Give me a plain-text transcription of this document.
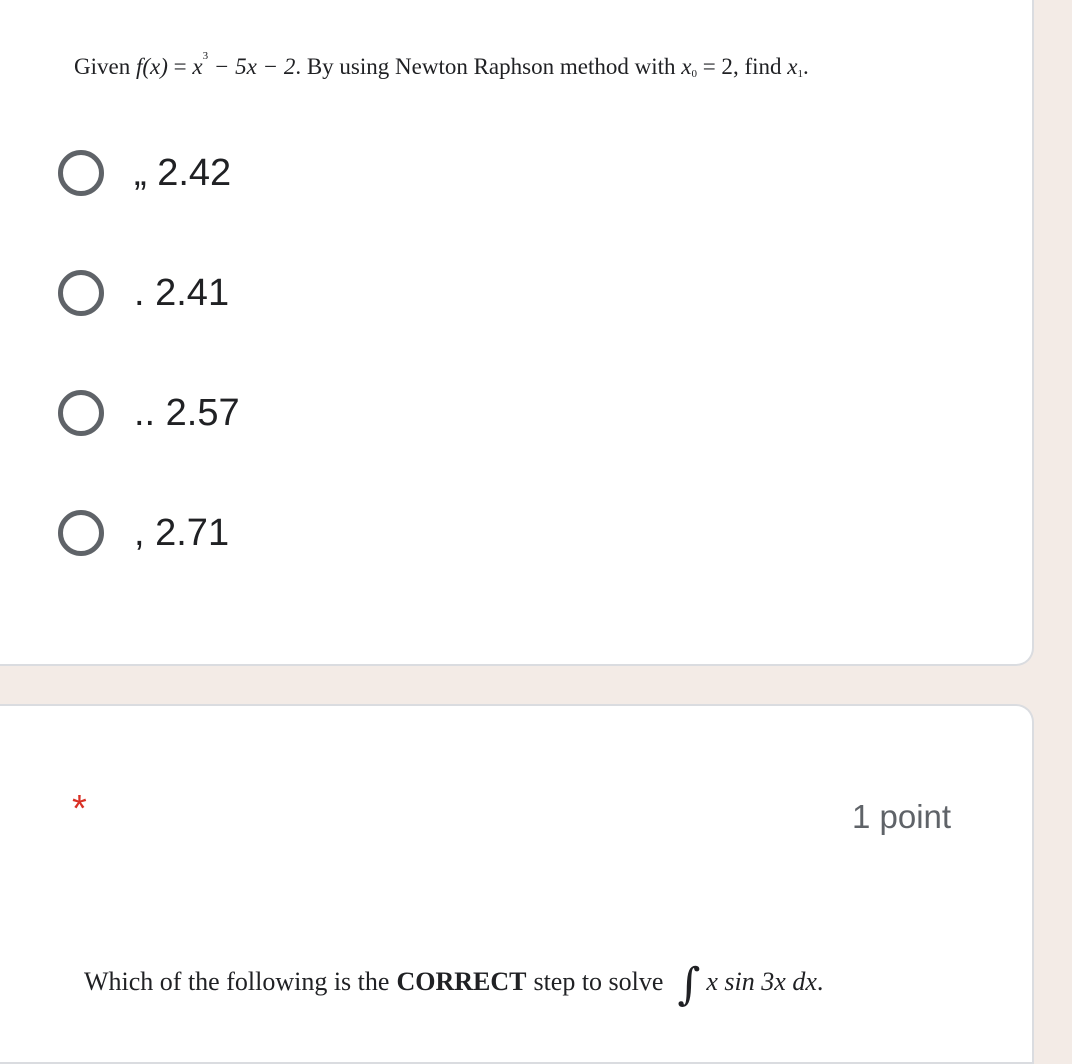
Given $f(x) = x^3 - 5x - 2$. By using Newton Raphson method with $x_0 = 2$, find $x_1$.
„ 2.42
. 2.41
.. 2.57
, 2.71
*	1 point
Which of the following is the CORRECT step to solve ∫ x sin 3x dx .
